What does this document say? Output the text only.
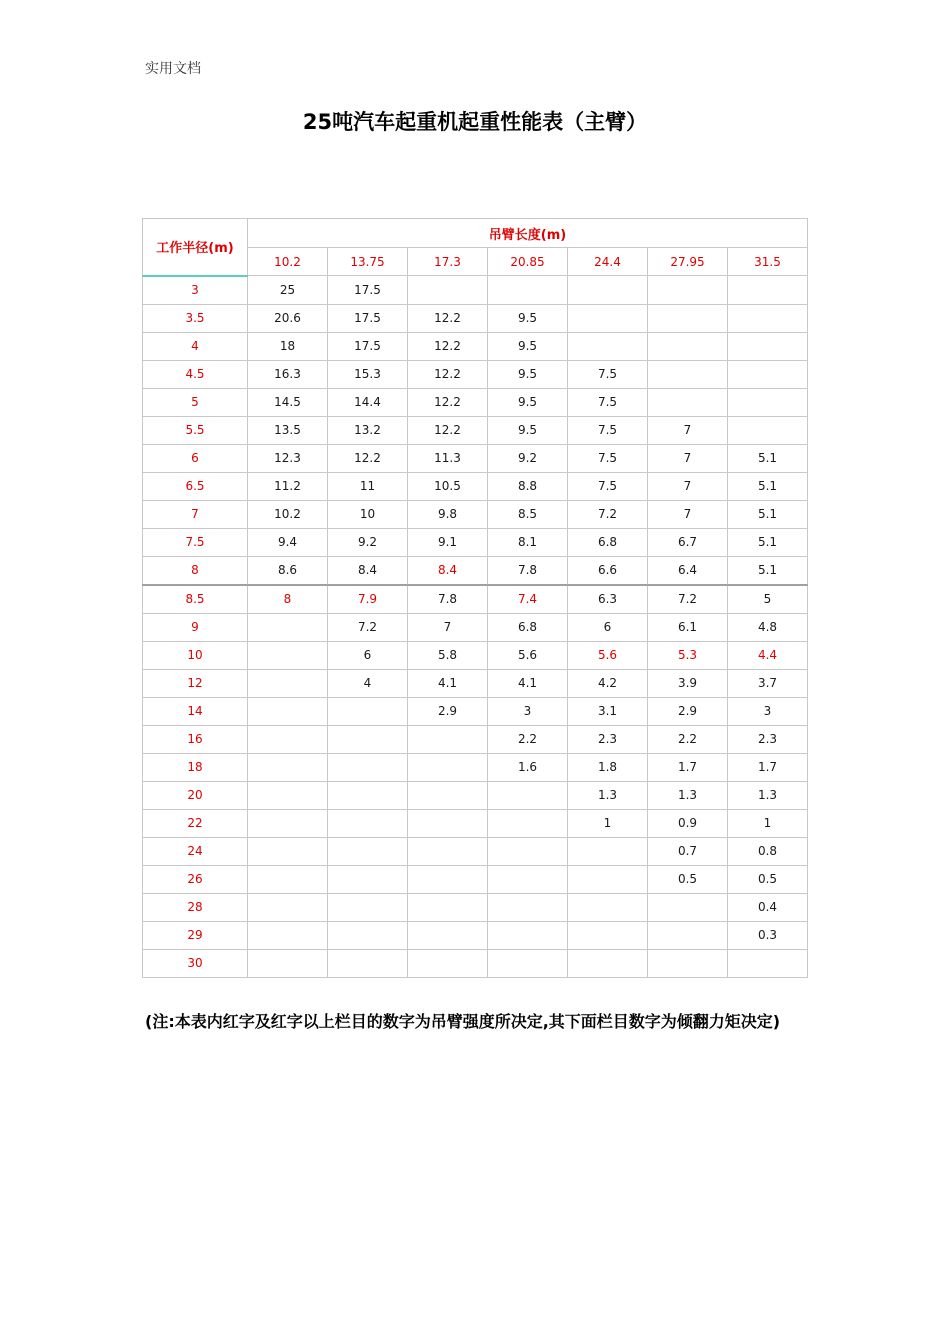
实用文档
25吨汽车起重机起重性能表（主臂）
工作半径(m)	吊臂长度(m)						
	10.2	13.75	17.3	20.85	24.4	27.95	31.5
3	25	17.5					
3.5	20.6	17.5	12.2	9.5			
4	18	17.5	12.2	9.5			
4.5	16.3	15.3	12.2	9.5	7.5		
5	14.5	14.4	12.2	9.5	7.5		
5.5	13.5	13.2	12.2	9.5	7.5	7	
6	12.3	12.2	11.3	9.2	7.5	7	5.1
6.5	11.2	11	10.5	8.8	7.5	7	5.1
7	10.2	10	9.8	8.5	7.2	7	5.1
7.5	9.4	9.2	9.1	8.1	6.8	6.7	5.1
8	8.6	8.4	8.4	7.8	6.6	6.4	5.1
8.5	8	7.9	7.8	7.4	6.3	7.2	5
9		7.2	7	6.8	6	6.1	4.8
10		6	5.8	5.6	5.6	5.3	4.4
12		4	4.1	4.1	4.2	3.9	3.7
14			2.9	3	3.1	2.9	3
16				2.2	2.3	2.2	2.3
18				1.6	1.8	1.7	1.7
20					1.3	1.3	1.3
22					1	0.9	1
24						0.7	0.8
26						0.5	0.5
28							0.4
29							0.3
30							
(注:本表内红字及红字以上栏目的数字为吊臂强度所决定,其下面栏目数字为倾翻力矩决定)
